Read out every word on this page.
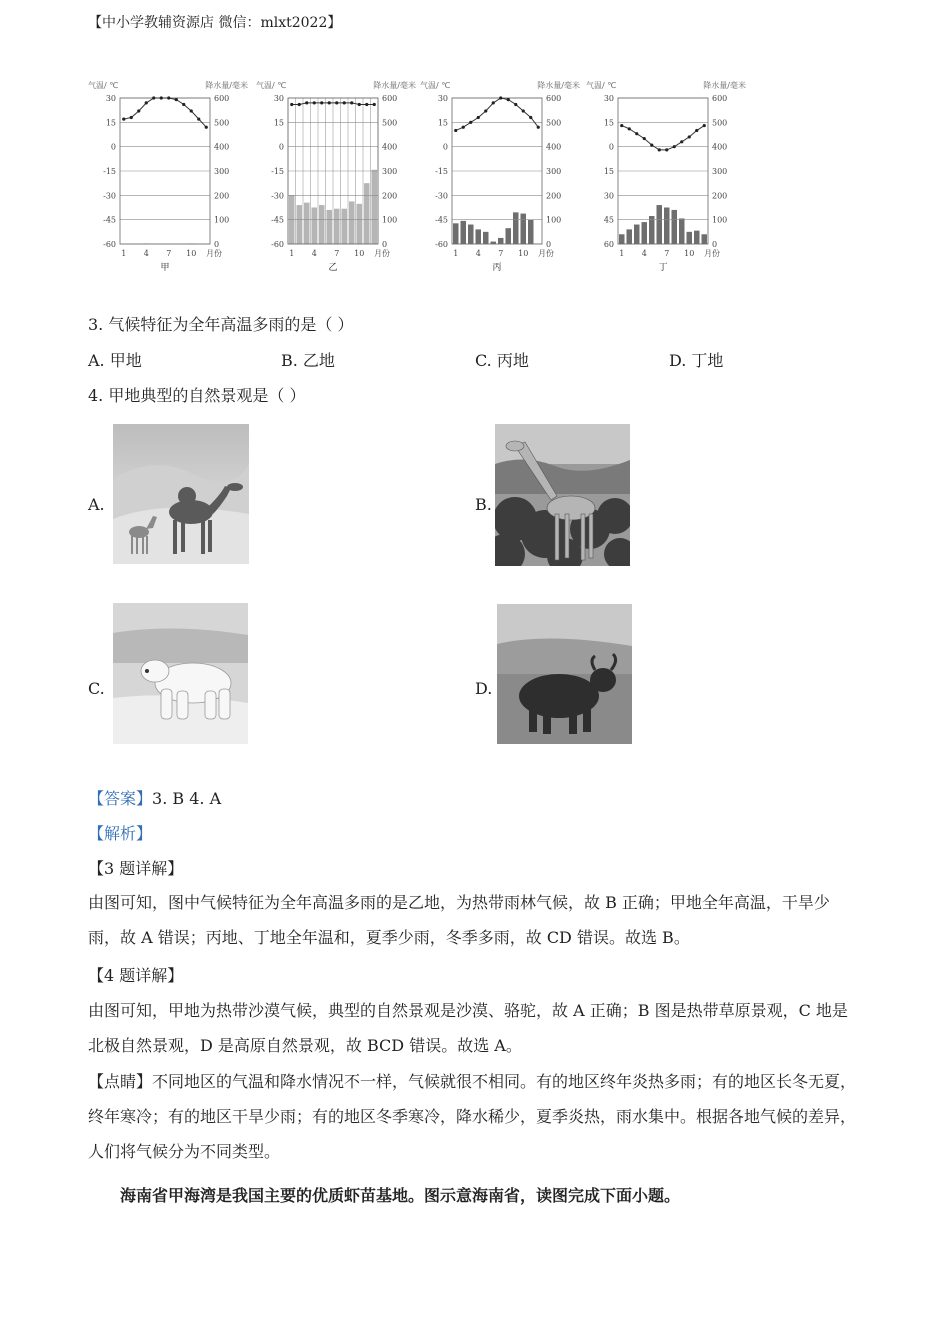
【中小学教辅资源店 微信：mlxt2022】
气温/ ℃	降水量/毫米
30	600
15	500
0	400
-15	300
-30	200
-45	100
-60	0
1 4 7 10 月份
甲
气温/ ℃	降水量/毫米
30	600
15	500
0	400
-15	300
-30	200
-45	100
-60	0
1 4 7 10 月份
乙
气温/ ℃	降水量/毫米
30	600
15	500
0	400
-15	300
-30	200
-45	100
-60	0
1 4 7 10 月份
丙
气温/ ℃	降水量/毫米
30	600
15	500
0	400
15	300
30	200
45	100
60	0
1 4 7 10 月份
丁
3. 气候特征为全年高温多雨的是（ ）
A. 甲地	B. 乙地	C. 丙地	D. 丁地
4. 甲地典型的自然景观是（ ）
A.	B.
C.	D.
【答案】3. B 4. A
【解析】
【3 题详解】
由图可知，图中气候特征为全年高温多雨的是乙地，为热带雨林气候，故 B 正确；甲地全年高温，干旱少雨，故 A 错误；丙地、丁地全年温和，夏季少雨，冬季多雨，故 CD 错误。故选 B。
【4 题详解】
由图可知，甲地为热带沙漠气候，典型的自然景观是沙漠、骆驼，故 A 正确；B 图是热带草原景观，C 地是北极自然景观，D 是高原自然景观，故 BCD 错误。故选 A。
【点睛】不同地区的气温和降水情况不一样，气候就很不相同。有的地区终年炎热多雨；有的地区长冬无夏，终年寒冷；有的地区干旱少雨；有的地区冬季寒冷，降水稀少，夏季炎热，雨水集中。根据各地气候的差异，人们将气候分为不同类型。
海南省甲海湾是我国主要的优质虾苗基地。图示意海南省，读图完成下面小题。
